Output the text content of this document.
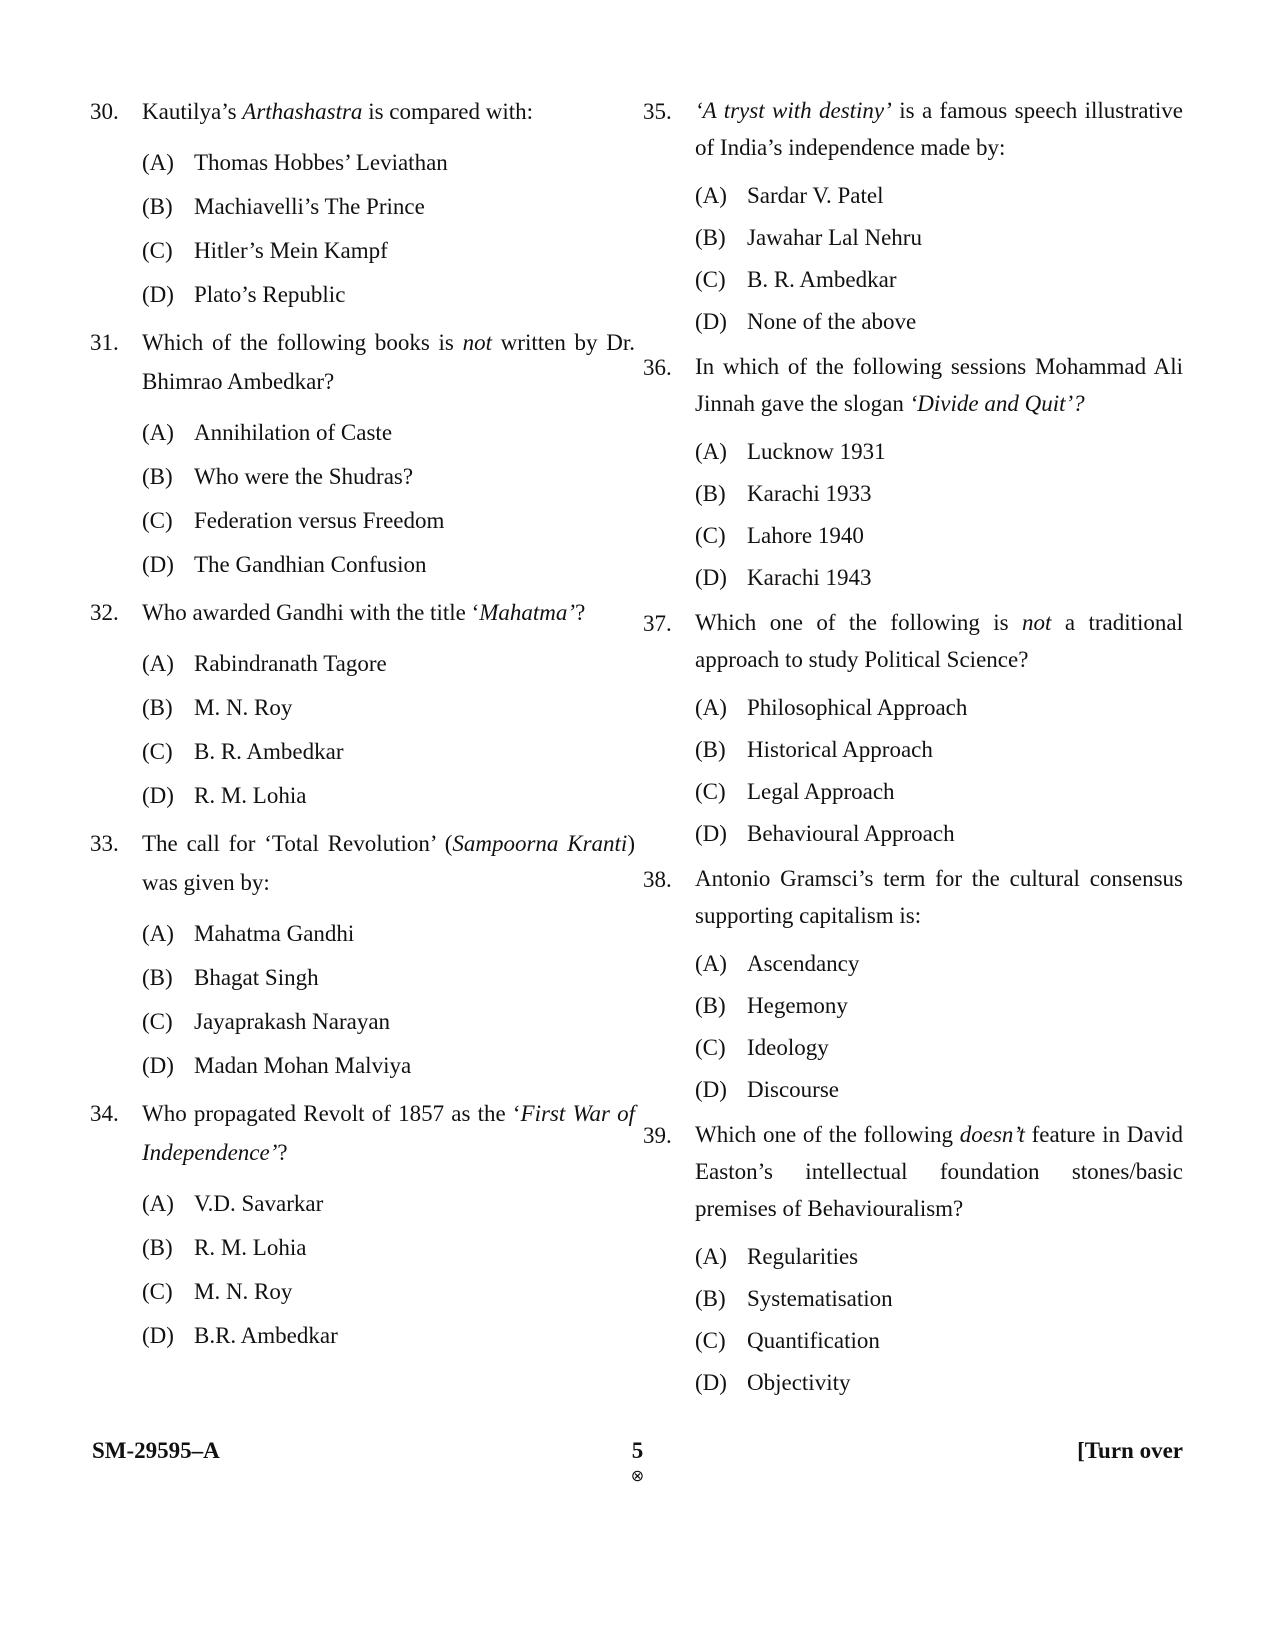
30.	Kautilya’s Arthashastra is compared with:
(A) Thomas Hobbes’ Leviathan
(B) Machiavelli’s The Prince
(C) Hitler’s Mein Kampf
(D) Plato’s Republic
31.	Which of the following books is not written by Dr. Bhimrao Ambedkar?
(A) Annihilation of Caste
(B) Who were the Shudras?
(C) Federation versus Freedom
(D) The Gandhian Confusion
32.	Who awarded Gandhi with the title ‘Mahatma’?
(A) Rabindranath Tagore
(B) M. N. Roy
(C) B. R. Ambedkar
(D) R. M. Lohia
33.	The call for ‘Total Revolution’ (Sampoorna Kranti) was given by:
(A) Mahatma Gandhi
(B) Bhagat Singh
(C) Jayaprakash Narayan
(D) Madan Mohan Malviya
34.	Who propagated Revolt of 1857 as the ‘First War of Independence’?
(A) V.D. Savarkar
(B) R. M. Lohia
(C) M. N. Roy
(D) B.R. Ambedkar
35.	‘A tryst with destiny’ is a famous speech illustrative of India’s independence made by:
(A) Sardar V. Patel
(B) Jawahar Lal Nehru
(C) B. R. Ambedkar
(D) None of the above
36.	In which of the following sessions Mohammad Ali Jinnah gave the slogan ‘Divide and Quit’?
(A) Lucknow 1931
(B) Karachi 1933
(C) Lahore 1940
(D) Karachi 1943
37.	Which one of the following is not a traditional approach to study Political Science?
(A) Philosophical Approach
(B) Historical Approach
(C) Legal Approach
(D) Behavioural Approach
38.	Antonio Gramsci’s term for the cultural consensus supporting capitalism is:
(A) Ascendancy
(B) Hegemony
(C) Ideology
(D) Discourse
39.	Which one of the following doesn’t feature in David Easton’s intellectual foundation stones/basic premises of Behaviouralism?
(A) Regularities
(B) Systematisation
(C) Quantification
(D) Objectivity
SM-29595–A	5	[Turn over
⊗
